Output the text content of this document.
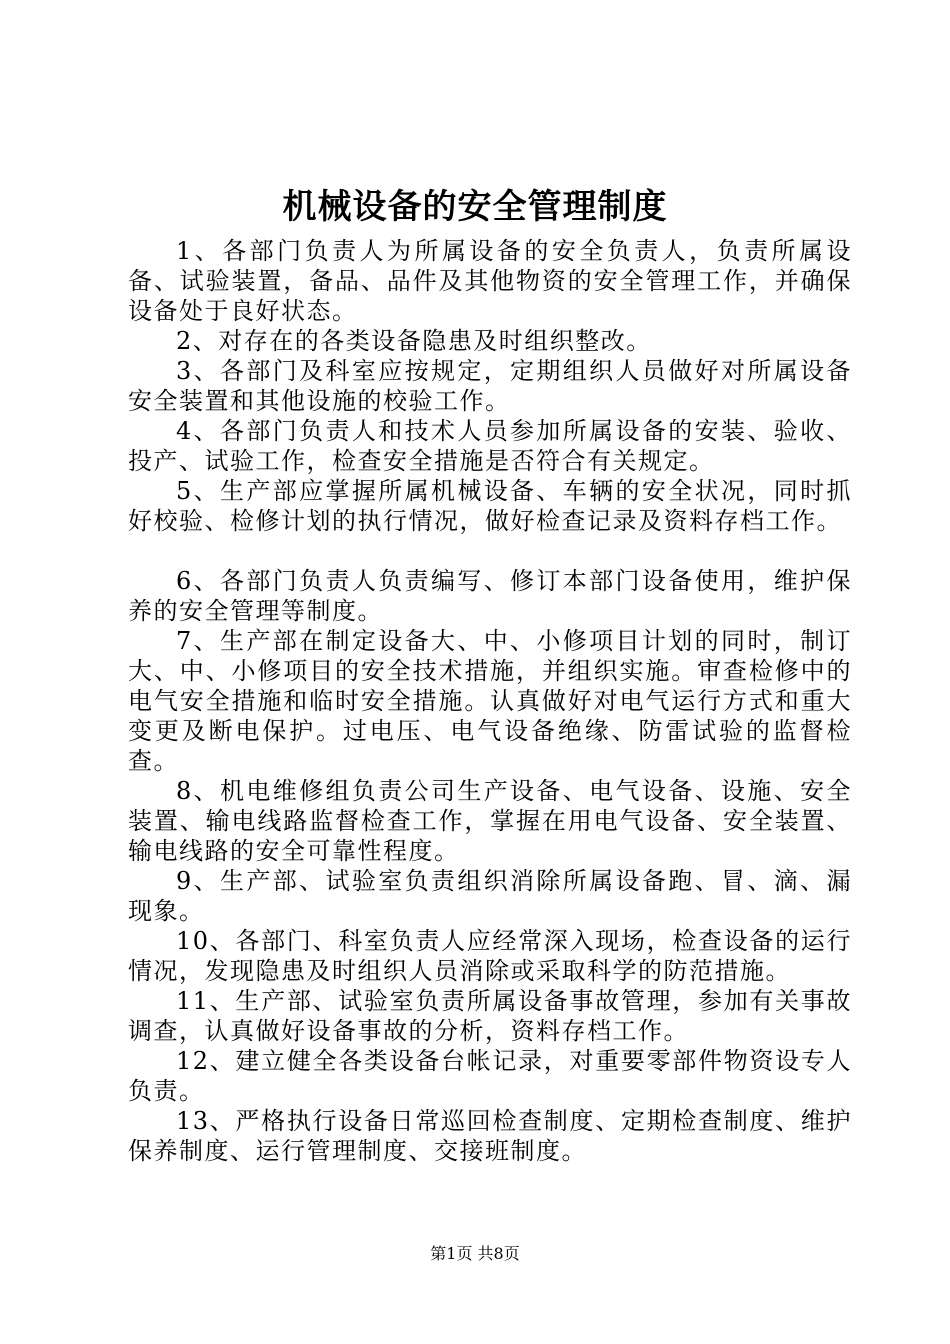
机械设备的安全管理制度

1、各部门负责人为所属设备的安全负责人，负责所属设备、试验装置，备品、品件及其他物资的安全管理工作，并确保设备处于良好状态。

2、对存在的各类设备隐患及时组织整改。

3、各部门及科室应按规定，定期组织人员做好对所属设备安全装置和其他设施的校验工作。

4、各部门负责人和技术人员参加所属设备的安装、验收、投产、试验工作，检查安全措施是否符合有关规定。

5、生产部应掌握所属机械设备、车辆的安全状况，同时抓好校验、检修计划的执行情况，做好检查记录及资料存档工作。

6、各部门负责人负责编写、修订本部门设备使用，维护保养的安全管理等制度。

7、生产部在制定设备大、中、小修项目计划的同时，制订大、中、小修项目的安全技术措施，并组织实施。审查检修中的电气安全措施和临时安全措施。认真做好对电气运行方式和重大变更及断电保护。过电压、电气设备绝缘、防雷试验的监督检查。

8、机电维修组负责公司生产设备、电气设备、设施、安全装置、输电线路监督检查工作，掌握在用电气设备、安全装置、输电线路的安全可靠性程度。

9、生产部、试验室负责组织消除所属设备跑、冒、滴、漏现象。

10、各部门、科室负责人应经常深入现场，检查设备的运行情况，发现隐患及时组织人员消除或采取科学的防范措施。

11、生产部、试验室负责所属设备事故管理，参加有关事故调查，认真做好设备事故的分析，资料存档工作。

12、建立健全各类设备台帐记录，对重要零部件物资设专人负责。

13、严格执行设备日常巡回检查制度、定期检查制度、维护保养制度、运行管理制度、交接班制度。

第1页 共8页
